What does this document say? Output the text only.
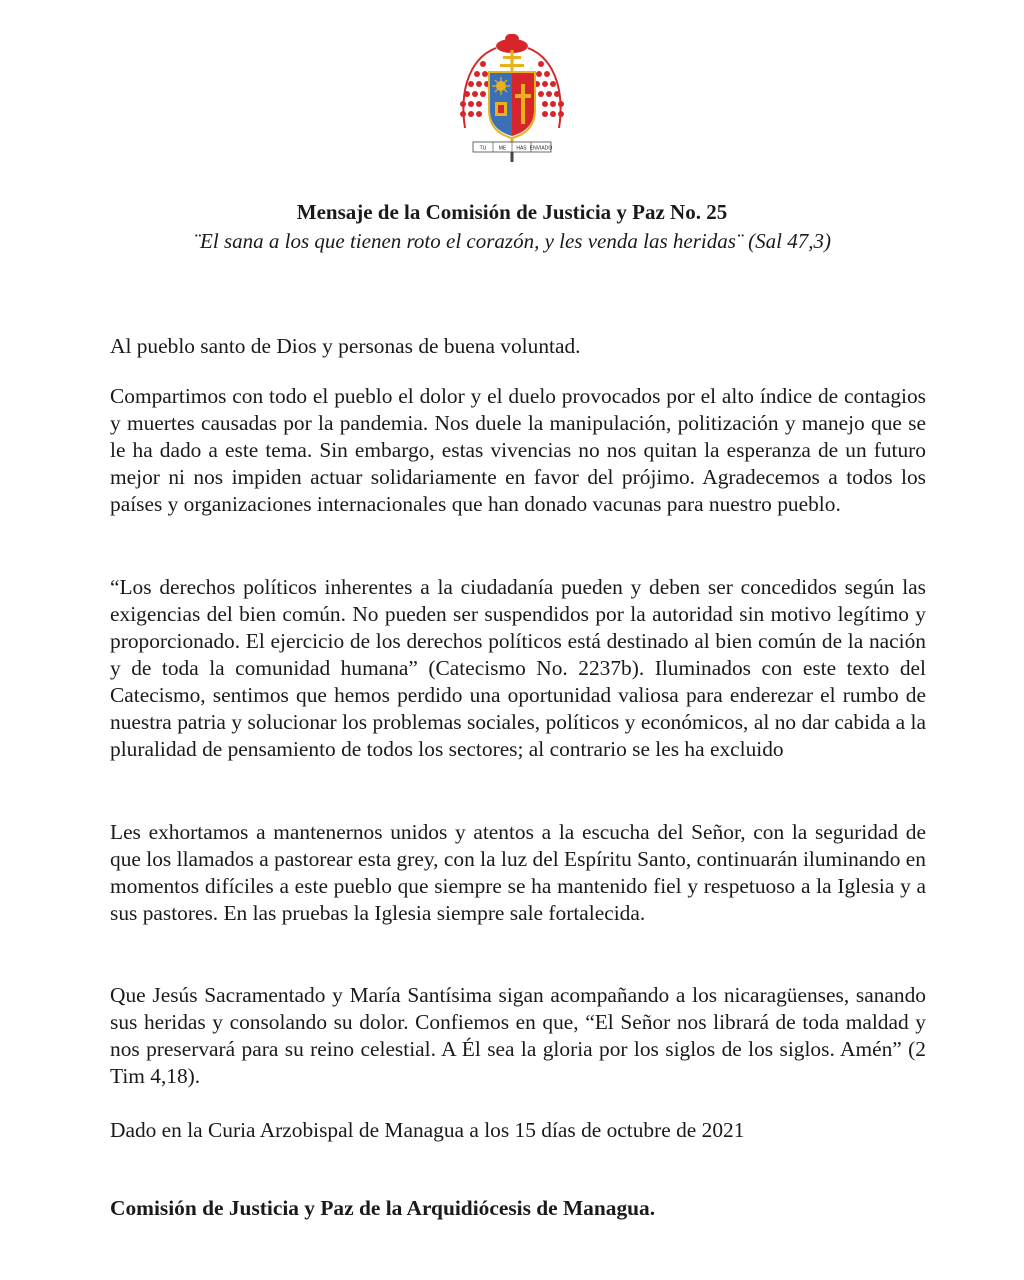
TU ME HAS ENVIADO
Mensaje de la Comisión de Justicia y Paz No. 25
¨El sana a los que tienen roto el corazón, y les venda las heridas¨ (Sal 47,3)

Al pueblo santo de Dios y personas de buena voluntad.

Compartimos con todo el pueblo el dolor y el duelo provocados por el alto índice de contagios y muertes causadas por la pandemia. Nos duele la manipulación, politización y manejo que se le ha dado a este tema. Sin embargo, estas vivencias no nos quitan la esperanza de un futuro mejor ni nos impiden actuar solidariamente en favor del prójimo. Agradecemos a todos los países y organizaciones internacionales que han donado vacunas para nuestro pueblo.

“Los derechos políticos inherentes a la ciudadanía pueden y deben ser concedidos según las exigencias del bien común. No pueden ser suspendidos por la autoridad sin motivo legítimo y proporcionado. El ejercicio de los derechos políticos está destinado al bien común de la nación y de toda la comunidad humana” (Catecismo No. 2237b). Iluminados con este texto del Catecismo, sentimos que hemos perdido una oportunidad valiosa para enderezar el rumbo de nuestra patria y solucionar los problemas sociales, políticos y económicos, al no dar cabida a la pluralidad de pensamiento de todos los sectores; al contrario se les ha excluido

Les exhortamos a mantenernos unidos y atentos a la escucha del Señor, con la seguridad de que los llamados a pastorear esta grey, con la luz del Espíritu Santo, continuarán iluminando en momentos difíciles a este pueblo que siempre se ha mantenido fiel y respetuoso a la Iglesia y a sus pastores. En las pruebas la Iglesia siempre sale fortalecida.

Que Jesús Sacramentado y María Santísima sigan acompañando a los nicaragüenses, sanando sus heridas y consolando su dolor. Confiemos en que, “El Señor nos librará de toda maldad y nos preservará para su reino celestial. A Él sea la gloria por los siglos de los siglos. Amén” (2 Tim 4,18).

Dado en la Curia Arzobispal de Managua a los 15 días de octubre de 2021

Comisión de Justicia y Paz de la Arquidiócesis de Managua.
